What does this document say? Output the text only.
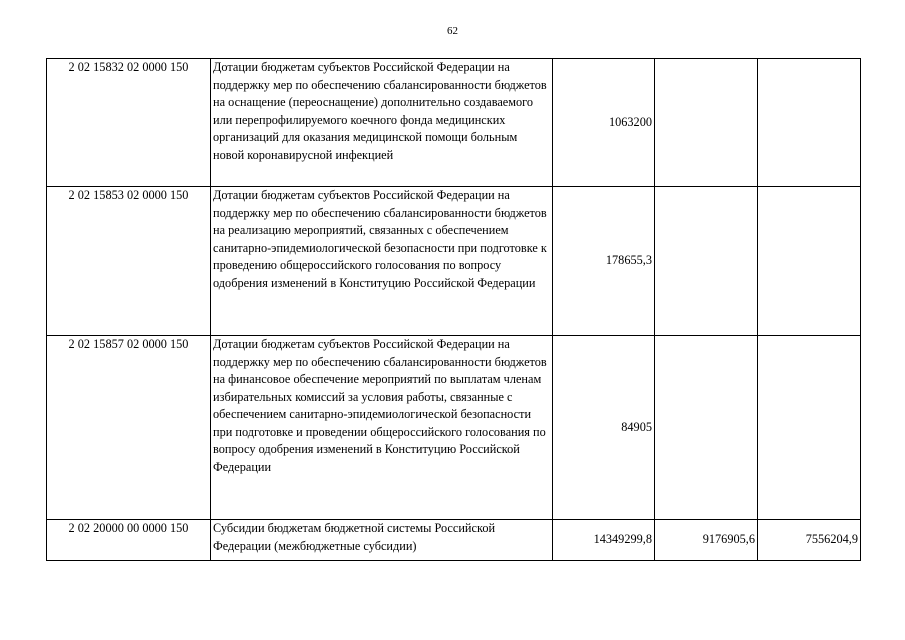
62
2 02 15832 02 0000 150	Дотации бюджетам субъектов Российской Федерации на поддержку мер по обеспечению сбалансированности бюджетов на оснащение (переоснащение) дополнительно создаваемого или перепрофилируемого коечного фонда медицинских организаций для оказания медицинской помощи больным новой коронавирусной инфекцией	1063200		
2 02 15853 02 0000 150	Дотации бюджетам субъектов Российской Федерации на поддержку мер по обеспечению сбалансированности бюджетов на реализацию мероприятий, связанных с обеспечением санитарно-эпидемиологической безопасности при подготовке к проведению общероссийского голосования по вопросу одобрения изменений в Конституцию Российской Федерации	178655,3		
2 02 15857 02 0000 150	Дотации бюджетам субъектов Российской Федерации на поддержку мер по обеспечению сбалансированности бюджетов на финансовое обеспечение мероприятий по выплатам членам избирательных комиссий за условия работы, связанные с обеспечением санитарно-эпидемиологической безопасности при подготовке и проведении общероссийского голосования по вопросу одобрения изменений в Конституцию Российской Федерации	84905		
2 02 20000 00 0000 150	Субсидии бюджетам бюджетной системы Российской Федерации (межбюджетные субсидии)	14349299,8	9176905,6	7556204,9
